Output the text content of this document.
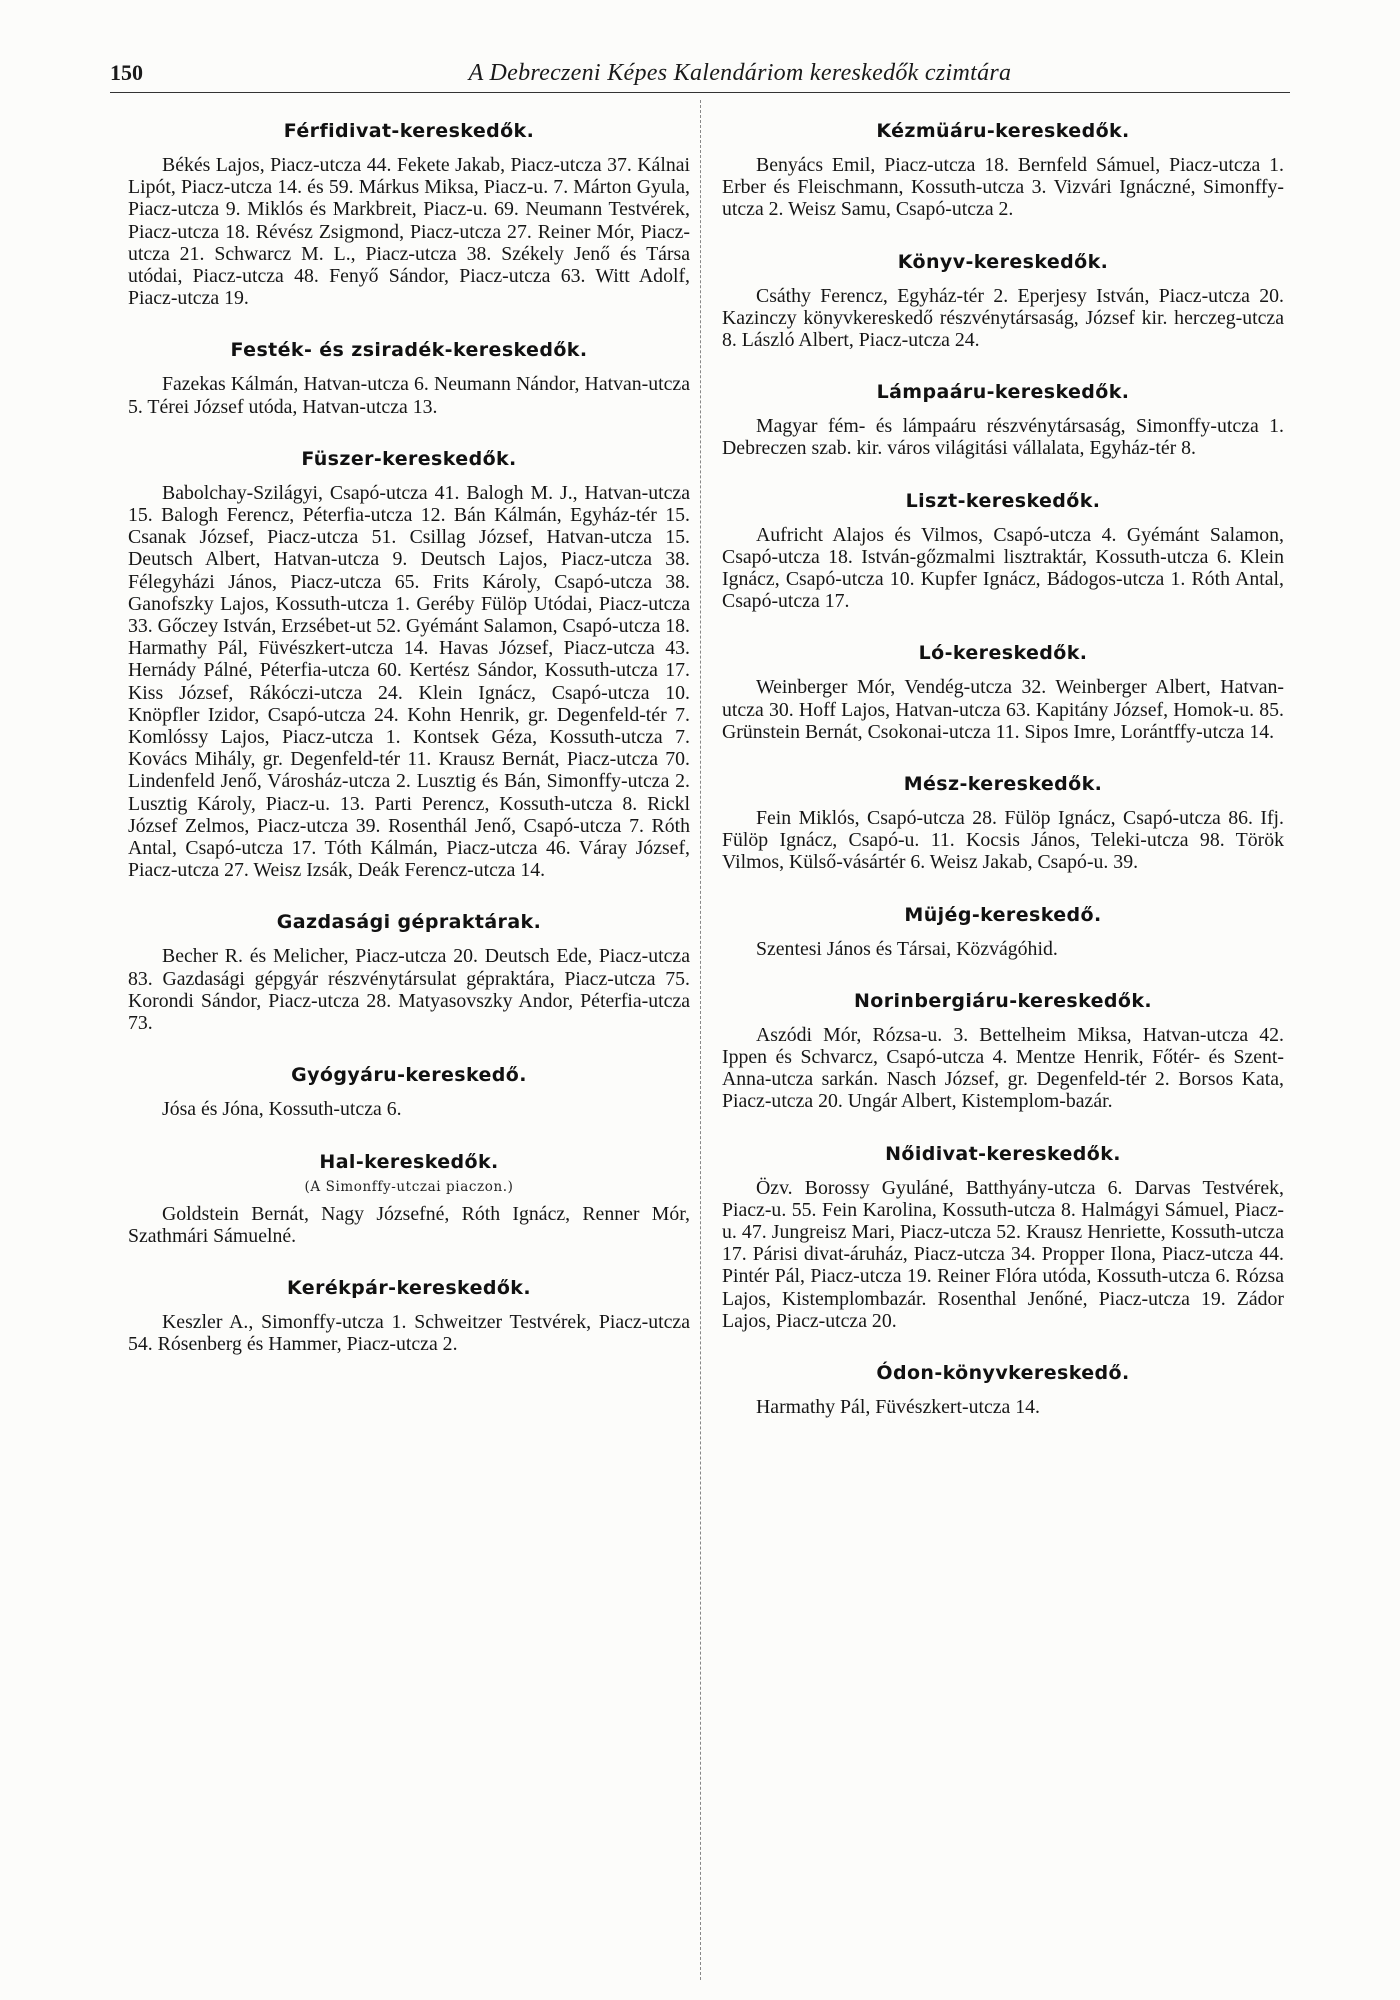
150	A Debreczeni Képes Kalendáriom kereskedők czimtára
Férfidivat-kereskedők.

Békés Lajos, Piacz-utcza 44. Fekete Jakab, Piacz-utcza 37. Kálnai Lipót, Piacz-utcza 14. és 59. Márkus Miksa, Piacz-u. 7. Márton Gyula, Piacz-utcza 9. Miklós és Markbreit, Piacz-u. 69. Neumann Testvérek, Piacz-utcza 18. Révész Zsigmond, Piacz-utcza 27. Reiner Mór, Piacz-utcza 21. Schwarcz M. L., Piacz-utcza 38. Székely Jenő és Társa utódai, Piacz-utcza 48. Fenyő Sándor, Piacz-utcza 63. Witt Adolf, Piacz-utcza 19.

Festék- és zsiradék-kereskedők.

Fazekas Kálmán, Hatvan-utcza 6. Neumann Nándor, Hatvan-utcza 5. Térei József utóda, Hatvan-utcza 13.

Füszer-kereskedők.

Babolchay-Szilágyi, Csapó-utcza 41. Balogh M. J., Hatvan-utcza 15. Balogh Ferencz, Péterfia-utcza 12. Bán Kálmán, Egyház-tér 15. Csanak József, Piacz-utcza 51. Csillag József, Hatvan-utcza 15. Deutsch Albert, Hatvan-utcza 9. Deutsch Lajos, Piacz-utcza 38. Félegyházi János, Piacz-utcza 65. Frits Károly, Csapó-utcza 38. Ganofszky Lajos, Kossuth-utcza 1. Geréby Fülöp Utódai, Piacz-utcza 33. Gőczey István, Erzsébet-ut 52. Gyémánt Salamon, Csapó-utcza 18. Harmathy Pál, Füvészkert-utcza 14. Havas József, Piacz-utcza 43. Hernády Pálné, Péterfia-utcza 60. Kertész Sándor, Kossuth-utcza 17. Kiss József, Rákóczi-utcza 24. Klein Ignácz, Csapó-utcza 10. Knöpfler Izidor, Csapó-utcza 24. Kohn Henrik, gr. Degenfeld-tér 7. Komlóssy Lajos, Piacz-utcza 1. Kontsek Géza, Kossuth-utcza 7. Kovács Mihály, gr. Degenfeld-tér 11. Krausz Bernát, Piacz-utcza 70. Lindenfeld Jenő, Városház-utcza 2. Lusztig és Bán, Simonffy-utcza 2. Lusztig Károly, Piacz-u. 13. Parti Perencz, Kossuth-utcza 8. Rickl József Zelmos, Piacz-utcza 39. Rosenthál Jenő, Csapó-utcza 7. Róth Antal, Csapó-utcza 17. Tóth Kálmán, Piacz-utcza 46. Váray József, Piacz-utcza 27. Weisz Izsák, Deák Ferencz-utcza 14.

Gazdasági gépraktárak.

Becher R. és Melicher, Piacz-utcza 20. Deutsch Ede, Piacz-utcza 83. Gazdasági gépgyár részvénytársulat gépraktára, Piacz-utcza 75. Korondi Sándor, Piacz-utcza 28. Matyasovszky Andor, Péterfia-utcza 73.

Gyógyáru-kereskedő.

Jósa és Jóna, Kossuth-utcza 6.

Hal-kereskedők.
(A Simonffy-utczai piaczon.)

Goldstein Bernát, Nagy Józsefné, Róth Ignácz, Renner Mór, Szathmári Sámuelné.

Kerékpár-kereskedők.

Keszler A., Simonffy-utcza 1. Schweitzer Testvérek, Piacz-utcza 54. Rósenberg és Hammer, Piacz-utcza 2.

Kézmüáru-kereskedők.

Benyács Emil, Piacz-utcza 18. Bernfeld Sámuel, Piacz-utcza 1. Erber és Fleischmann, Kossuth-utcza 3. Vizvári Ignáczné, Simonffy-utcza 2. Weisz Samu, Csapó-utcza 2.

Könyv-kereskedők.

Csáthy Ferencz, Egyház-tér 2. Eperjesy István, Piacz-utcza 20. Kazinczy könyvkereskedő részvénytársaság, József kir. herczeg-utcza 8. László Albert, Piacz-utcza 24.

Lámpaáru-kereskedők.

Magyar fém- és lámpaáru részvénytársaság, Simonffy-utcza 1. Debreczen szab. kir. város világitási vállalata, Egyház-tér 8.

Liszt-kereskedők.

Aufricht Alajos és Vilmos, Csapó-utcza 4. Gyémánt Salamon, Csapó-utcza 18. István-gőzmalmi lisztraktár, Kossuth-utcza 6. Klein Ignácz, Csapó-utcza 10. Kupfer Ignácz, Bádogos-utcza 1. Róth Antal, Csapó-utcza 17.

Ló-kereskedők.

Weinberger Mór, Vendég-utcza 32. Weinberger Albert, Hatvan-utcza 30. Hoff Lajos, Hatvan-utcza 63. Kapitány József, Homok-u. 85. Grünstein Bernát, Csokonai-utcza 11. Sipos Imre, Lorántffy-utcza 14.

Mész-kereskedők.

Fein Miklós, Csapó-utcza 28. Fülöp Ignácz, Csapó-utcza 86. Ifj. Fülöp Ignácz, Csapó-u. 11. Kocsis János, Teleki-utcza 98. Török Vilmos, Külső-vásártér 6. Weisz Jakab, Csapó-u. 39.

Müjég-kereskedő.

Szentesi János és Társai, Közvágóhid.

Norinbergiáru-kereskedők.

Aszódi Mór, Rózsa-u. 3. Bettelheim Miksa, Hatvan-utcza 42. Ippen és Schvarcz, Csapó-utcza 4. Mentze Henrik, Főtér- és Szent-Anna-utcza sarkán. Nasch József, gr. Degenfeld-tér 2. Borsos Kata, Piacz-utcza 20. Ungár Albert, Kistemplom-bazár.

Nőidivat-kereskedők.

Özv. Borossy Gyuláné, Batthyány-utcza 6. Darvas Testvérek, Piacz-u. 55. Fein Karolina, Kossuth-utcza 8. Halmágyi Sámuel, Piacz-u. 47. Jungreisz Mari, Piacz-utcza 52. Krausz Henriette, Kossuth-utcza 17. Párisi divat-áruház, Piacz-utcza 34. Propper Ilona, Piacz-utcza 44. Pintér Pál, Piacz-utcza 19. Reiner Flóra utóda, Kossuth-utcza 6. Rózsa Lajos, Kistemplombazár. Rosenthal Jenőné, Piacz-utcza 19. Zádor Lajos, Piacz-utcza 20.

Ódon-könyvkereskedő.

Harmathy Pál, Füvészkert-utcza 14.
